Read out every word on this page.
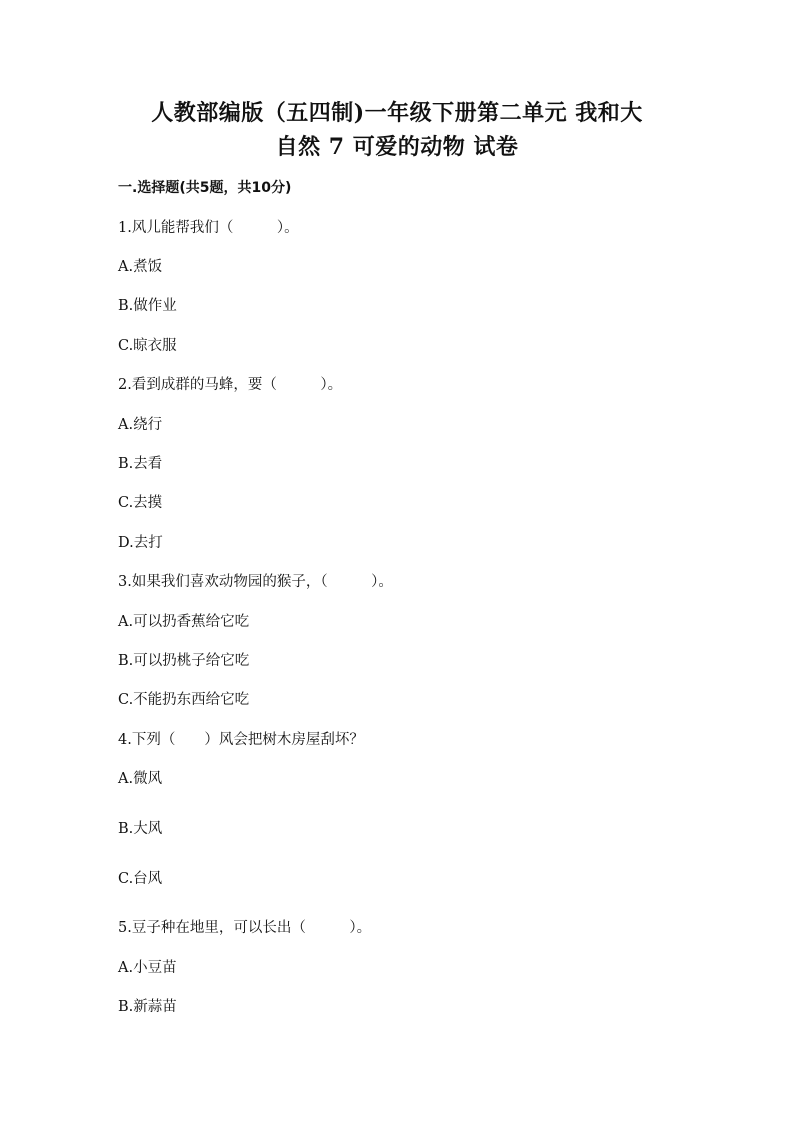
人教部编版（五四制)一年级下册第二单元 我和大
自然 7 可爱的动物 试卷
一.选择题(共5题，共10分)
1.风儿能帮我们（　　　）。
A.煮饭
B.做作业
C.晾衣服
2.看到成群的马蜂，要（　　　）。
A.绕行
B.去看
C.去摸
D.去打
3.如果我们喜欢动物园的猴子，（　　　）。
A.可以扔香蕉给它吃
B.可以扔桃子给它吃
C.不能扔东西给它吃
4.下列（　　）风会把树木房屋刮坏？
A.微风
B.大风
C.台风
5.豆子种在地里，可以长出（　　　）。
A.小豆苗
B.新蒜苗
